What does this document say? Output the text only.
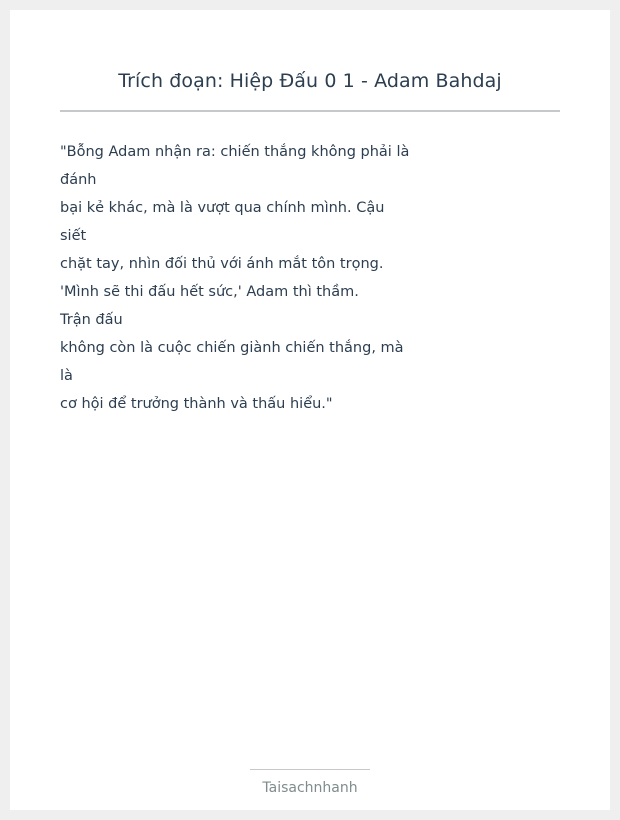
Trích đoạn: Hiệp Đấu 0 1 - Adam Bahdaj

"Bỗng Adam nhận ra: chiến thắng không phải là
đánh
bại kẻ khác, mà là vượt qua chính mình. Cậu
siết
chặt tay, nhìn đối thủ với ánh mắt tôn trọng.
'Mình sẽ thi đấu hết sức,' Adam thì thầm.
Trận đấu
không còn là cuộc chiến giành chiến thắng, mà
là
cơ hội để trưởng thành và thấu hiểu."

Taisachnhanh
